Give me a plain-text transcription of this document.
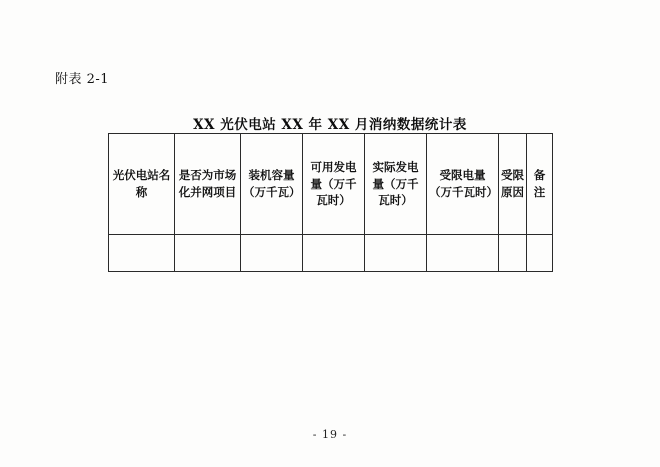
附表 2-1
XX 光伏电站 XX 年 XX 月消纳数据统计表
光伏电站名称	是否为市场化并网项目	装机容量（万千瓦）	可用发电量（万千瓦时）	实际发电量（万千瓦时）	受限电量（万千瓦时）	受限原因	备注

- 19 -
